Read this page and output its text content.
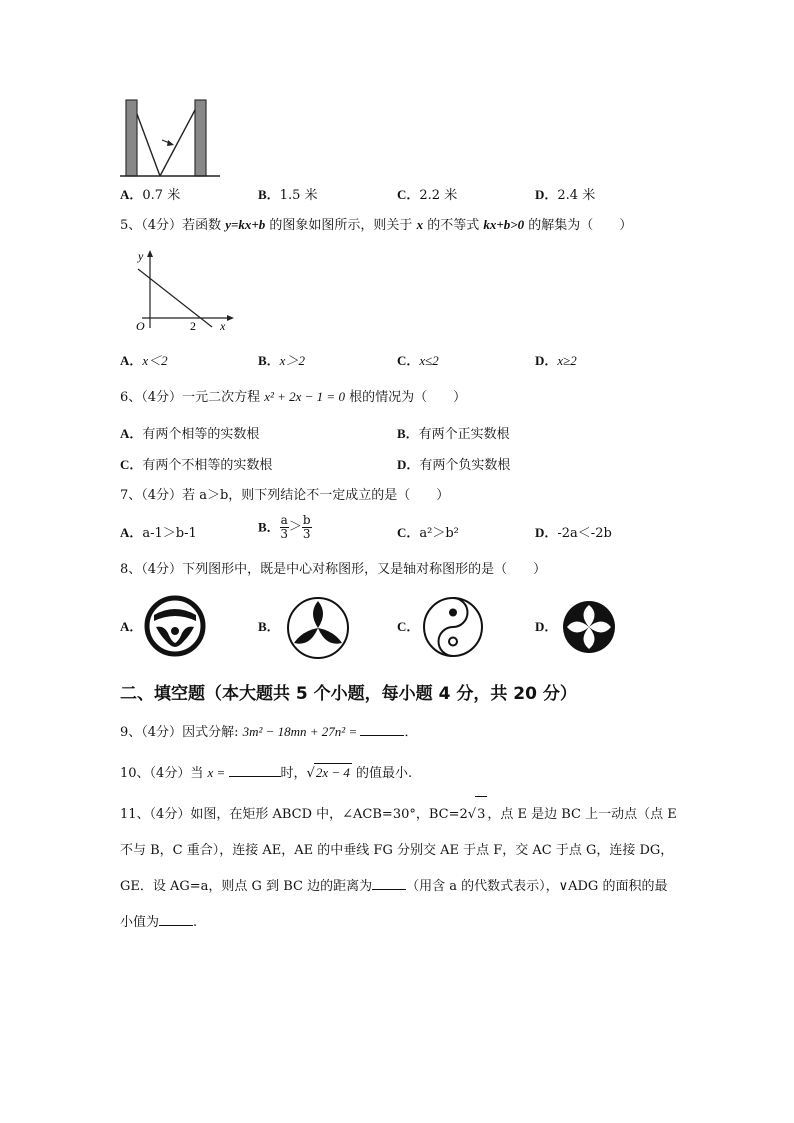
A．0.7 米	B．1.5 米	C．2.2 米	D．2.4 米
5、（4分）若函数 y=kx+b 的图象如图所示，则关于 x 的不等式 kx+b>0 的解集为（　　）
y
x
O	2
A．x＜2	B．x＞2	C．x≤2	D．x≥2
6、（4分）一元二次方程 x² + 2x − 1 = 0 根的情况为（　　）
A．有两个相等的实数根	B．有两个正实数根
C．有两个不相等的实数根	D．有两个负实数根
7、（4分）若 a＞b，则下列结论不一定成立的是（　　）
A．a-1＞b-1	B． $\frac{a}{3} > \frac{b}{3}$	C．a²＞b²	D．-2a＜-2b
8、（4分）下列图形中，既是中心对称图形，又是轴对称图形的是（　　）
A．	B．	C．	D．
二、填空题（本大题共 5 个小题，每小题 4 分，共 20 分）
9、（4分）因式分解: 3m² − 18mn + 27n² =	．
10、（4分）当 x =	时，√2x − 4 的值最小.
11、（4分）如图，在矩形 ABCD 中，∠ACB=30°，BC=2√3 ，点 E 是边 BC 上一动点（点 E 不与 B，C 重合），连接 AE，AE 的中垂线 FG 分别交 AE 于点 F，交 AC 于点 G，连接 DG，GE．设 AG=a，则点 G 到 BC 边的距离为	（用含 a 的代数式表示），∨ADG 的面积的最小值为	.
